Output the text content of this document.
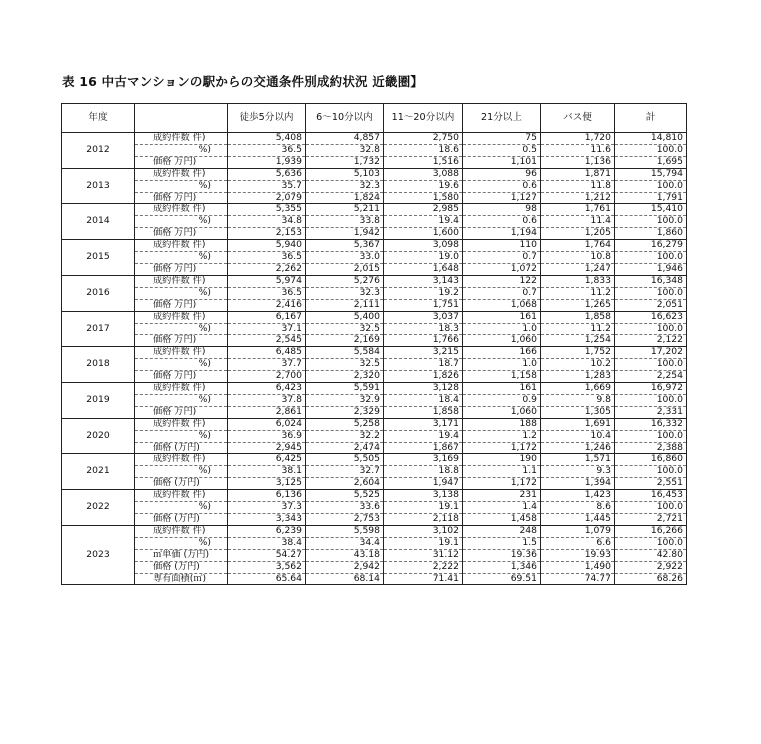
表 16 中古マンションの駅からの交通条件別成約状況 近畿圏】
年度		徒歩5分以内	6～10分以内	11～20分以内	21分以上	バス便	計
2012	成約件数 件)	5,408	4,857	2,750	75	1,720	14,810
	%)	36.5	32.8	18.6	0.5	11.6	100.0
	価格 万円)	1,939	1,732	1,516	1,101	1,136	1,695
2013	成約件数 件)	5,636	5,103	3,088	96	1,871	15,794
	%)	35.7	32.3	19.6	0.6	11.8	100.0
	価格 万円)	2,079	1,824	1,580	1,127	1,212	1,791
2014	成約件数 件)	5,355	5,211	2,985	98	1,761	15,410
	%)	34.8	33.8	19.4	0.6	11.4	100.0
	価格 万円)	2,153	1,942	1,600	1,194	1,205	1,860
2015	成約件数 件)	5,940	5,367	3,098	110	1,764	16,279
	%)	36.5	33.0	19.0	0.7	10.8	100.0
	価格 万円)	2,262	2,015	1,648	1,072	1,247	1,946
2016	成約件数 件)	5,974	5,276	3,143	122	1,833	16,348
	%)	36.5	32.3	19.2	0.7	11.2	100.0
	価格 万円)	2,416	2,111	1,751	1,068	1,265	2,051
2017	成約件数 件)	6,167	5,400	3,037	161	1,858	16,623
	%)	37.1	32.5	18.3	1.0	11.2	100.0
	価格 万円)	2,545	2,169	1,766	1,060	1,254	2,122
2018	成約件数 件)	6,485	5,584	3,215	166	1,752	17,202
	%)	37.7	32.5	18.7	1.0	10.2	100.0
	価格 万円)	2,700	2,320	1,826	1,158	1,283	2,254
2019	成約件数 件)	6,423	5,591	3,128	161	1,669	16,972
	%)	37.8	32.9	18.4	0.9	9.8	100.0
	価格 万円)	2,861	2,329	1,858	1,060	1,305	2,331
2020	成約件数 件)	6,024	5,258	3,171	188	1,691	16,332
	%)	36.9	32.2	19.4	1.2	10.4	100.0
	価格 (万円)	2,945	2,474	1,867	1,172	1,246	2,388
2021	成約件数 件)	6,425	5,505	3,169	190	1,571	16,860
	%)	38.1	32.7	18.8	1.1	9.3	100.0
	価格 (万円)	3,125	2,604	1,947	1,172	1,394	2,551
2022	成約件数 件)	6,136	5,525	3,138	231	1,423	16,453
	%)	37.3	33.6	19.1	1.4	8.6	100.0
	価格 (万円)	3,343	2,753	2,118	1,458	1,445	2,721
2023	成約件数 件)	6,239	5,598	3,102	248	1,079	16,266
	%)	38.4	34.4	19.1	1.5	6.6	100.0
	㎡単価 (万円)	54.27	43.18	31.12	19.36	19.93	42.80
	価格 (万円)	3,562	2,942	2,222	1,346	1,490	2,922
	専有面積(㎡)	65.64	68.14	71.41	69.51	74.77	68.26
